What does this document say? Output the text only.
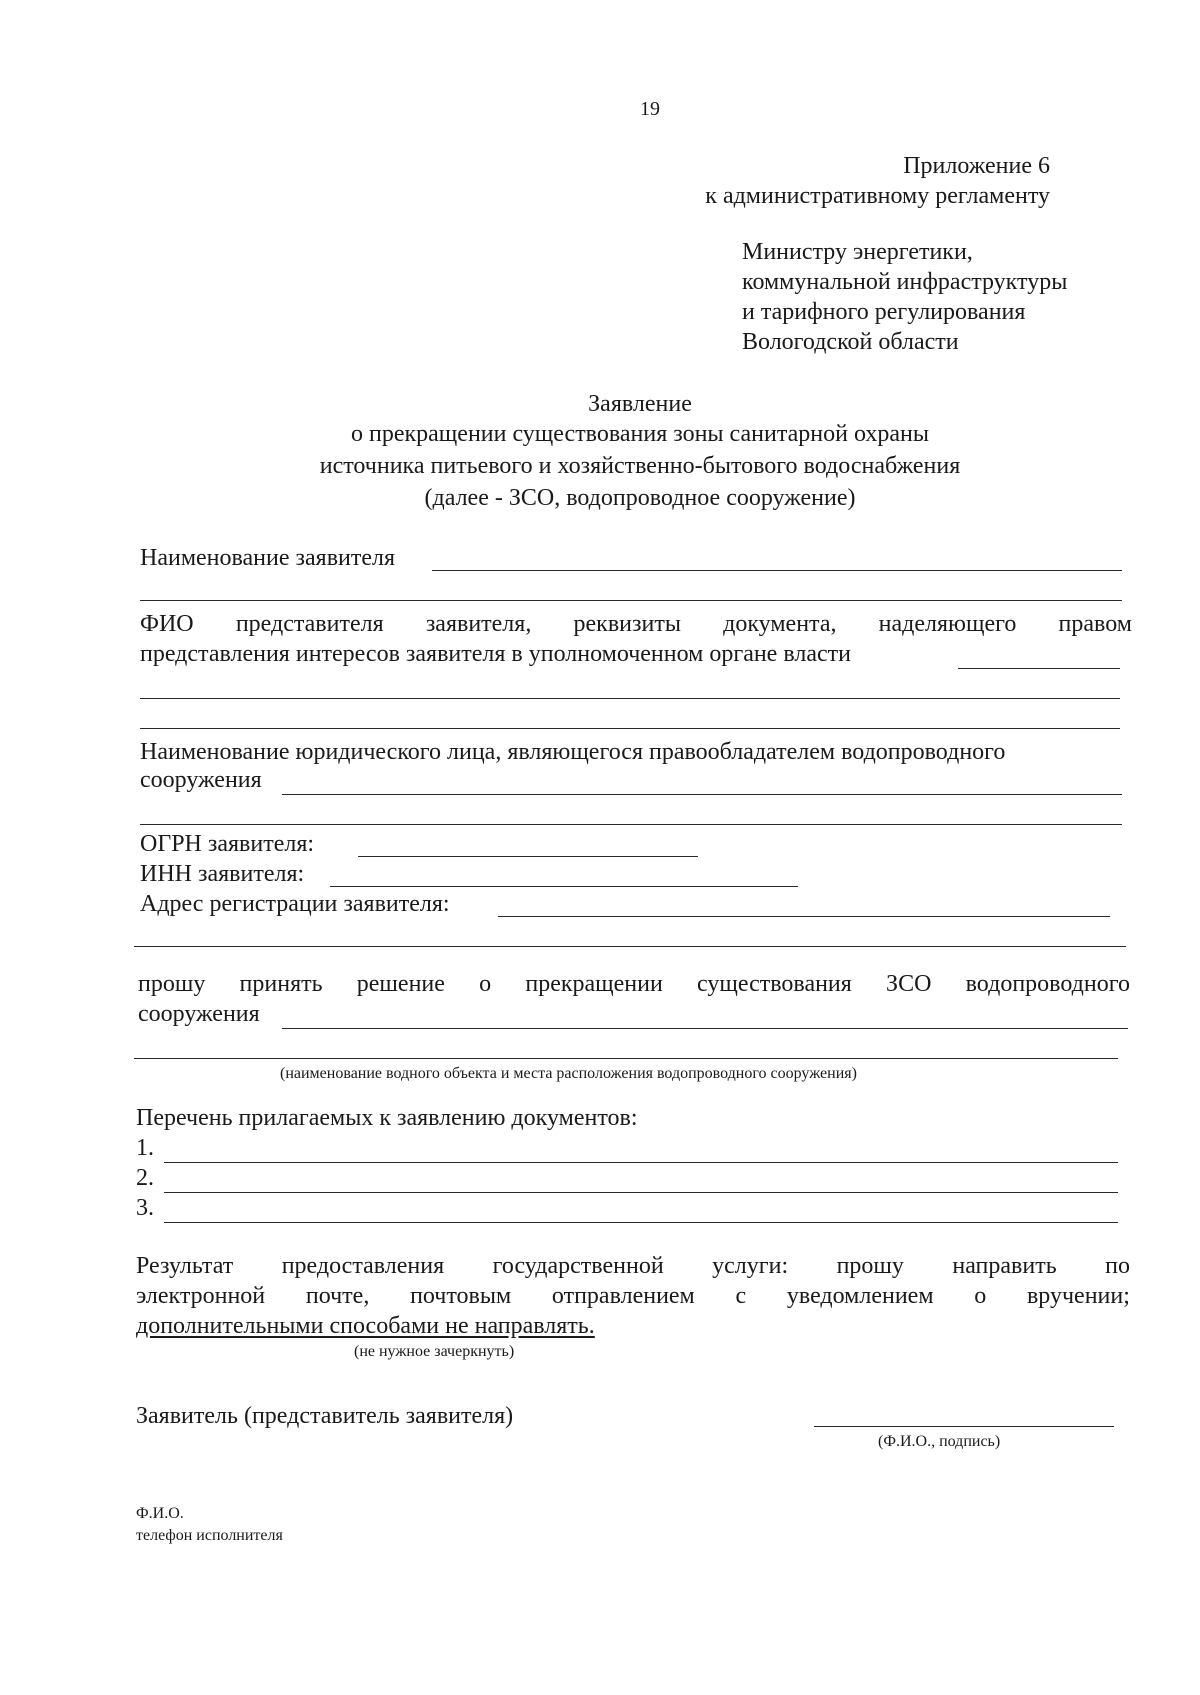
19
Приложение 6
к административному регламенту
Министру энергетики,
коммунальной инфраструктуры
и тарифного регулирования
Вологодской области
Заявление
о прекращении существования зоны санитарной охраны
источника питьевого и хозяйственно-бытового водоснабжения
(далее - ЗСО, водопроводное сооружение)
Наименование заявителя
ФИО представителя заявителя, реквизиты документа, наделяющего правом
представления интересов заявителя в уполномоченном органе власти
Наименование юридического лица, являющегося правообладателем водопроводного
сооружения
ОГРН заявителя:
ИНН заявителя:
Адрес регистрации заявителя:
прошу принять решение о прекращении существования ЗСО водопроводного
сооружения
(наименование водного объекта и места расположения водопроводного сооружения)
Перечень прилагаемых к заявлению документов:
1.
2.
3.
Результат предоставления государственной услуги: прошу направить по
электронной почте, почтовым отправлением с уведомлением о вручении;
дополнительными способами не направлять.
(не нужное зачеркнуть)
Заявитель (представитель заявителя)
(Ф.И.О., подпись)
Ф.И.О.
телефон исполнителя
